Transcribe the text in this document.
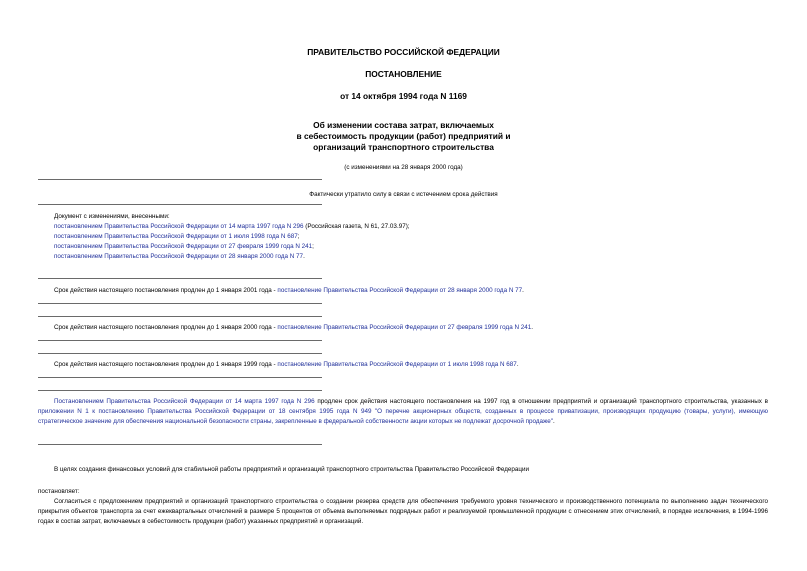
ПРАВИТЕЛЬСТВО РОССИЙСКОЙ ФЕДЕРАЦИИ
ПОСТАНОВЛЕНИЕ
от 14 октября 1994 года N 1169
Об изменении состава затрат, включаемых
в себестоимость продукции (работ) предприятий и
организаций транспортного строительства
(с изменениями на 28 января 2000 года)
Фактически утратило силу в связи с истечением срока действия
Документ с изменениями, внесенными:
постановлением Правительства Российской Федерации от 14 марта 1997 года N 296 (Российская газета, N 61, 27.03.97);
постановлением Правительства Российской Федерации от 1 июля 1998 года N 687;
постановлением Правительства Российской Федерации от 27 февраля 1999 года N 241;
постановлением Правительства Российской Федерации от 28 января 2000 года N 77.
Срок действия настоящего постановления продлен до 1 января 2001 года - постановление Правительства Российской Федерации от 28 января 2000 года N 77.
Срок действия настоящего постановления продлен до 1 января 2000 года - постановление Правительства Российской Федерации от 27 февраля 1999 года N 241.
Срок действия настоящего постановления продлен до 1 января 1999 года - постановление Правительства Российской Федерации от 1 июля 1998 года N 687.
Постановлением Правительства Российской Федерации от 14 марта 1997 года N 296 продлен срок действия настоящего постановления на 1997 год в отношении предприятий и организаций транспортного строительства, указанных в приложении N 1 к постановлению Правительства Российской Федерации от 18 сентября 1995 года N 949 "О перечне акционерных обществ, созданных в процессе приватизации, производящих продукцию (товары, услуги), имеющую стратегическое значение для обеспечения национальной безопасности страны, закрепленные в федеральной собственности акции которых не подлежат досрочной продаже".
В целях создания финансовых условий для стабильной работы предприятий и организаций транспортного строительства Правительство Российской Федерации
постановляет:
Согласиться с предложением предприятий и организаций транспортного строительства о создании резерва средств для обеспечения требуемого уровня технического и производственного потенциала по выполнению задач технического прикрытия объектов транспорта за счет ежеквартальных отчислений в размере 5 процентов от объема выполняемых подрядных работ и реализуемой промышленной продукции с отнесением этих отчислений, в порядке исключения, в 1994-1996 годах в состав затрат, включаемых в себестоимость продукции (работ) указанных предприятий и организаций.
